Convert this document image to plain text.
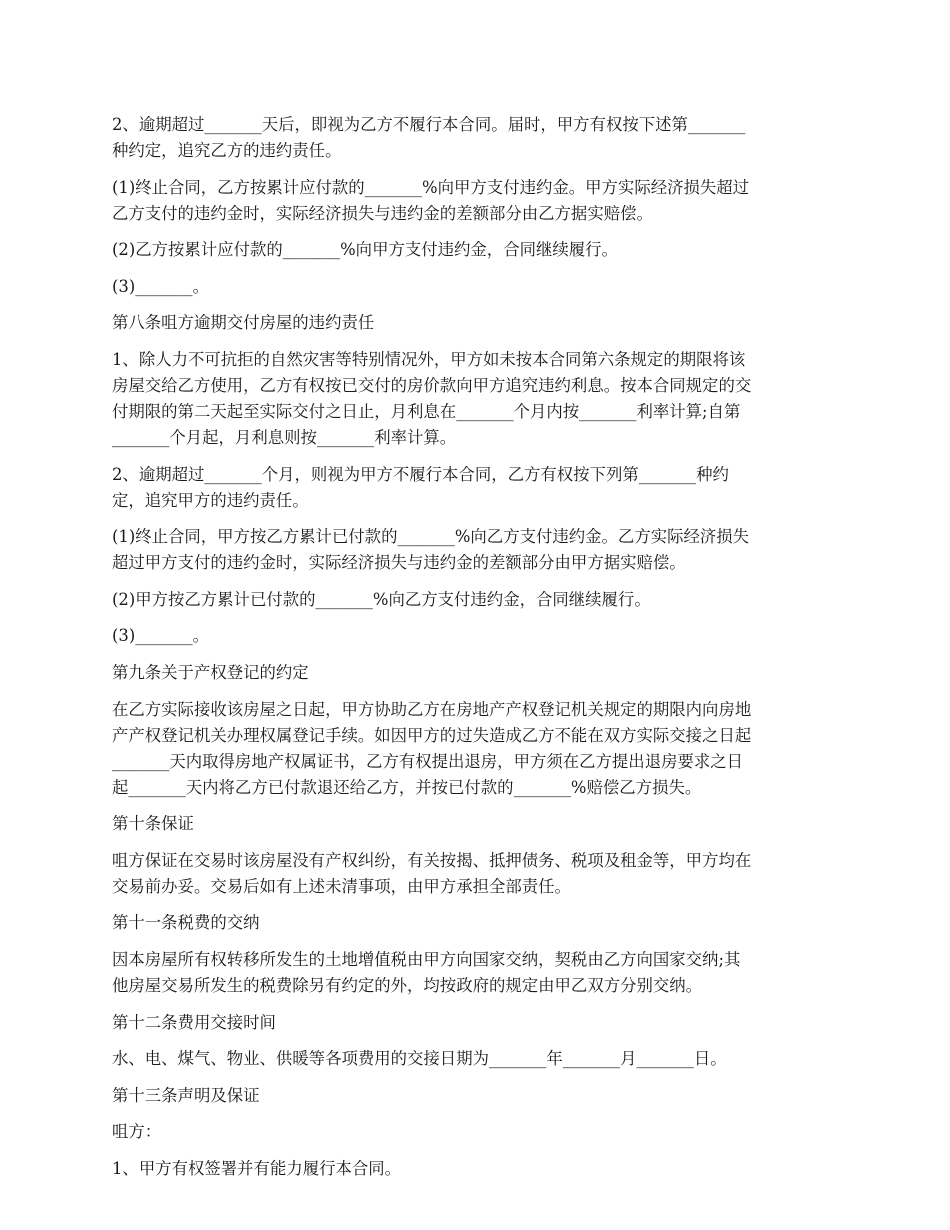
2、逾期超过_______天后，即视为乙方不履行本合同。届时，甲方有权按下述第_______
种约定，追究乙方的违约责任。
(1)终止合同，乙方按累计应付款的_______%向甲方支付违约金。甲方实际经济损失超过
乙方支付的违约金时，实际经济损失与违约金的差额部分由乙方据实赔偿。
(2)乙方按累计应付款的_______%向甲方支付违约金，合同继续履行。
(3)_______。
第八条咀方逾期交付房屋的违约责任
1、除人力不可抗拒的自然灾害等特别情况外，甲方如未按本合同第六条规定的期限将该
房屋交给乙方使用，乙方有权按已交付的房价款向甲方追究违约利息。按本合同规定的交
付期限的第二天起至实际交付之日止，月利息在_______个月内按_______利率计算;自第
_______个月起，月利息则按_______利率计算。
2、逾期超过_______个月，则视为甲方不履行本合同，乙方有权按下列第_______种约
定，追究甲方的违约责任。
(1)终止合同，甲方按乙方累计已付款的_______%向乙方支付违约金。乙方实际经济损失
超过甲方支付的违约金时，实际经济损失与违约金的差额部分由甲方据实赔偿。
(2)甲方按乙方累计已付款的_______%向乙方支付违约金，合同继续履行。
(3)_______。
第九条关于产权登记的约定
在乙方实际接收该房屋之日起，甲方协助乙方在房地产产权登记机关规定的期限内向房地
产产权登记机关办理权属登记手续。如因甲方的过失造成乙方不能在双方实际交接之日起
_______天内取得房地产权属证书，乙方有权提出退房，甲方须在乙方提出退房要求之日
起_______天内将乙方已付款退还给乙方，并按已付款的_______%赔偿乙方损失。
第十条保证
咀方保证在交易时该房屋没有产权纠纷，有关按揭、抵押债务、税项及租金等，甲方均在
交易前办妥。交易后如有上述未清事项，由甲方承担全部责任。
第十一条税费的交纳
因本房屋所有权转移所发生的土地增值税由甲方向国家交纳，契税由乙方向国家交纳;其
他房屋交易所发生的税费除另有约定的外，均按政府的规定由甲乙双方分别交纳。
第十二条费用交接时间
水、电、煤气、物业、供暖等各项费用的交接日期为_______年_______月_______日。
第十三条声明及保证
咀方：
1、甲方有权签署并有能力履行本合同。
